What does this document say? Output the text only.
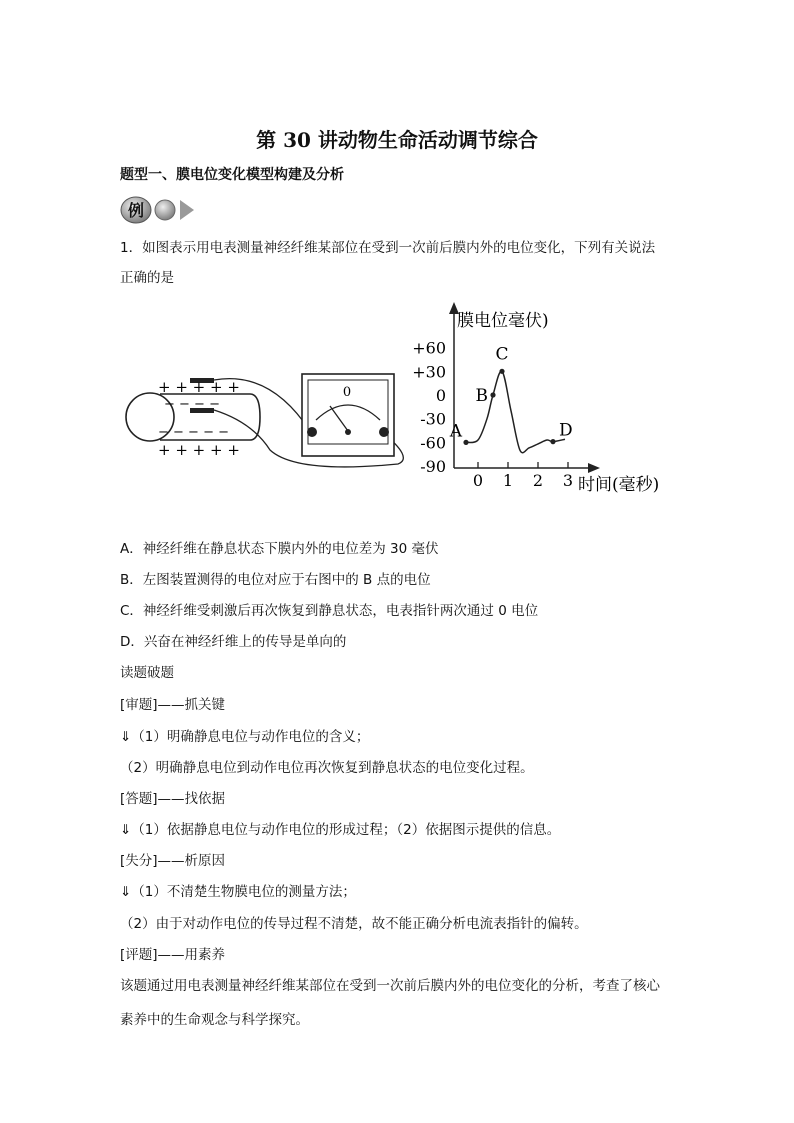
第 30 讲动物生命活动调节综合
题型一、膜电位变化模型构建及分析
例
1．如图表示用电表测量神经纤维某部位在受到一次前后膜内外的电位变化，下列有关说法
正确的是
+ + + + +
− − − −
− − − − −
+ + + + +
0
膜电位毫伏)
时间(毫秒)
+60
+30
0
-30
-60
-90
0 1 2 3
A
B
C
D
A．神经纤维在静息状态下膜内外的电位差为 30 毫伏
B．左图装置测得的电位对应于右图中的 B 点的电位
C．神经纤维受刺激后再次恢复到静息状态，电表指针两次通过 0 电位
D．兴奋在神经纤维上的传导是单向的
读题破题
[审题]——抓关键
⇓（1）明确静息电位与动作电位的含义；
（2）明确静息电位到动作电位再次恢复到静息状态的电位变化过程。
[答题]——找依据
⇓（1）依据静息电位与动作电位的形成过程；（2）依据图示提供的信息。
[失分]——析原因
⇓（1）不清楚生物膜电位的测量方法；
（2）由于对动作电位的传导过程不清楚，故不能正确分析电流表指针的偏转。
[评题]——用素养
该题通过用电表测量神经纤维某部位在受到一次前后膜内外的电位变化的分析，考查了核心
素养中的生命观念与科学探究。
